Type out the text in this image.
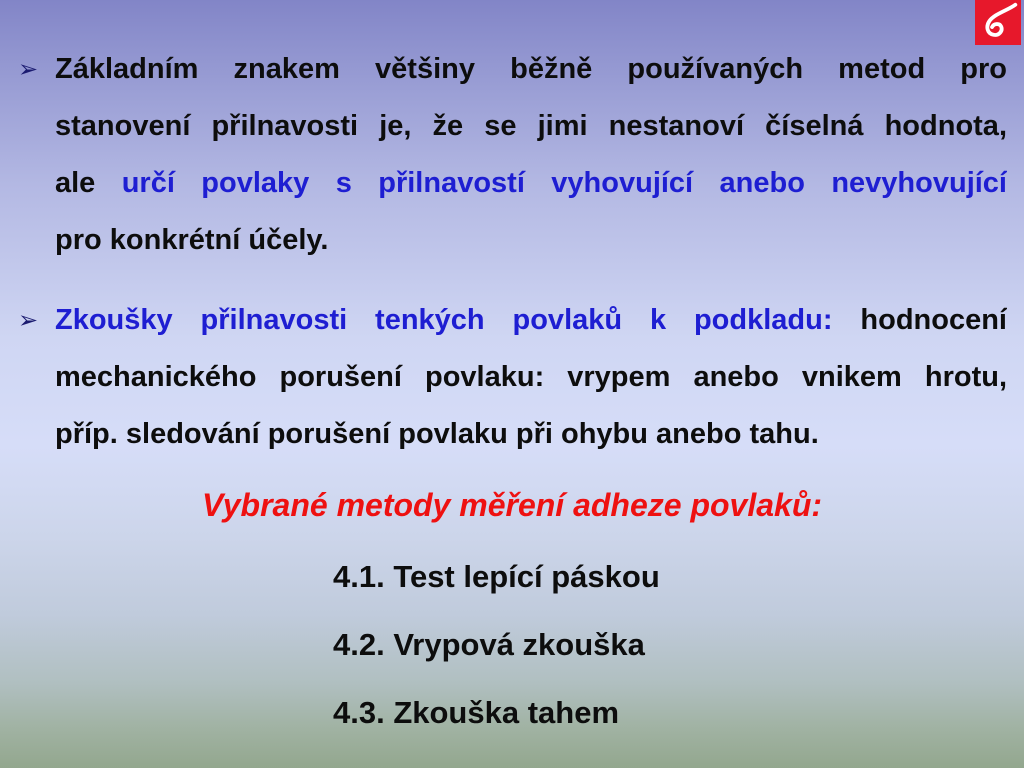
➢ Základním znakem většiny běžně používaných metod pro
stanovení přilnavosti je, že se jimi nestanoví číselná hodnota,
ale určí povlaky s přilnavostí vyhovující anebo nevyhovující
pro konkrétní účely.
➢ Zkoušky přilnavosti tenkých povlaků k podkladu: hodnocení
mechanického porušení povlaku: vrypem anebo vnikem hrotu,
příp. sledování porušení povlaku při ohybu anebo tahu.
Vybrané metody měření adheze povlaků:
4.1. Test lepící páskou
4.2. Vrypová zkouška
4.3. Zkouška tahem
